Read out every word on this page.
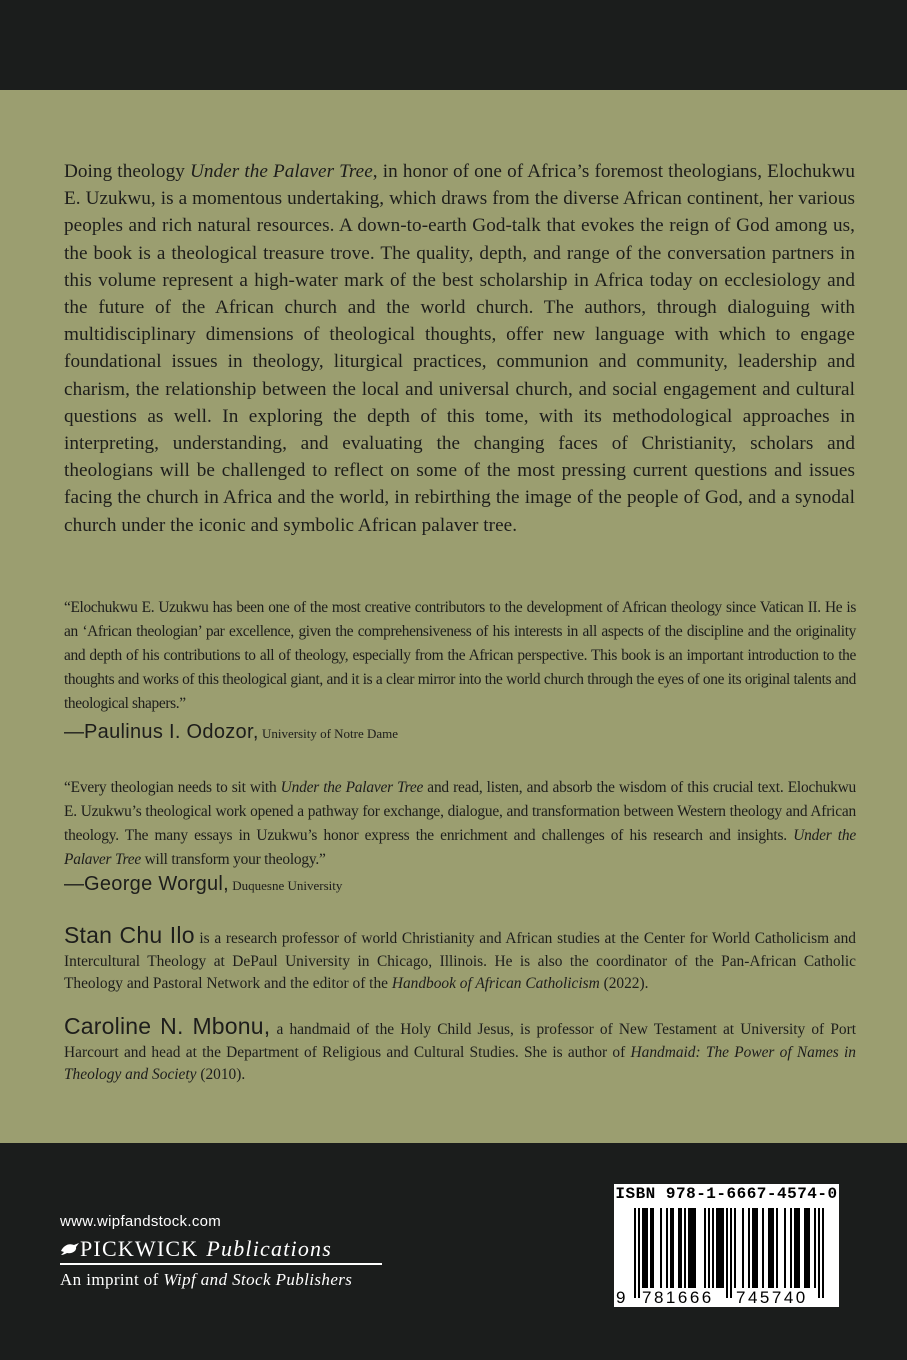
Doing theology Under the Palaver Tree, in honor of one of Africa’s foremost theologians, Elochukwu E. Uzukwu, is a momentous undertaking, which draws from the diverse African continent, her various peoples and rich natural resources. A down-to-earth God-talk that evokes the reign of God among us, the book is a theological treasure trove. The quality, depth, and range of the conversation partners in this volume represent a high-water mark of the best scholarship in Africa today on ecclesiology and the future of the African church and the world church. The authors, through dialoguing with multidisciplinary dimensions of theological thoughts, offer new language with which to engage foundational issues in theology, liturgical practices, communion and community, leadership and charism, the relationship between the local and universal church, and social engagement and cultural questions as well. In exploring the depth of this tome, with its methodological approaches in interpreting, understanding, and evaluating the changing faces of Christianity, scholars and theologians will be challenged to reflect on some of the most pressing current questions and issues facing the church in Africa and the world, in rebirthing the image of the people of God, and a synodal church under the iconic and symbolic African palaver tree.

“Elochukwu E. Uzukwu has been one of the most creative contributors to the development of African theology since Vatican II. He is an ‘African theologian’ par excellence, given the comprehensiveness of his interests in all aspects of the discipline and the originality and depth of his contributions to all of theology, especially from the African perspective. This book is an important introduction to the thoughts and works of this theological giant, and it is a clear mirror into the world church through the eyes of one its original talents and theological shapers.”

—Paulinus I. Odozor, University of Notre Dame

“Every theologian needs to sit with Under the Palaver Tree and read, listen, and absorb the wisdom of this crucial text. Elochukwu E. Uzukwu’s theological work opened a pathway for exchange, dialogue, and transformation between Western theology and African theology. The many essays in Uzukwu’s honor express the enrichment and challenges of his research and insights. Under the Palaver Tree will transform your theology.”

—George Worgul, Duquesne University

Stan Chu Ilo is a research professor of world Christianity and African studies at the Center for World Catholicism and Intercultural Theology at DePaul University in Chicago, Illinois. He is also the coordinator of the Pan-African Catholic Theology and Pastoral Network and the editor of the Handbook of African Catholicism (2022).

Caroline N. Mbonu, a handmaid of the Holy Child Jesus, is professor of New Testament at University of Port Harcourt and head at the Department of Religious and Cultural Studies. She is author of Handmaid: The Power of Names in Theology and Society (2010).

www.wipfandstock.com
PICKWICK Publications
An imprint of Wipf and Stock Publishers
ISBN 978-1-6667-4574-0
9 781666 745740
